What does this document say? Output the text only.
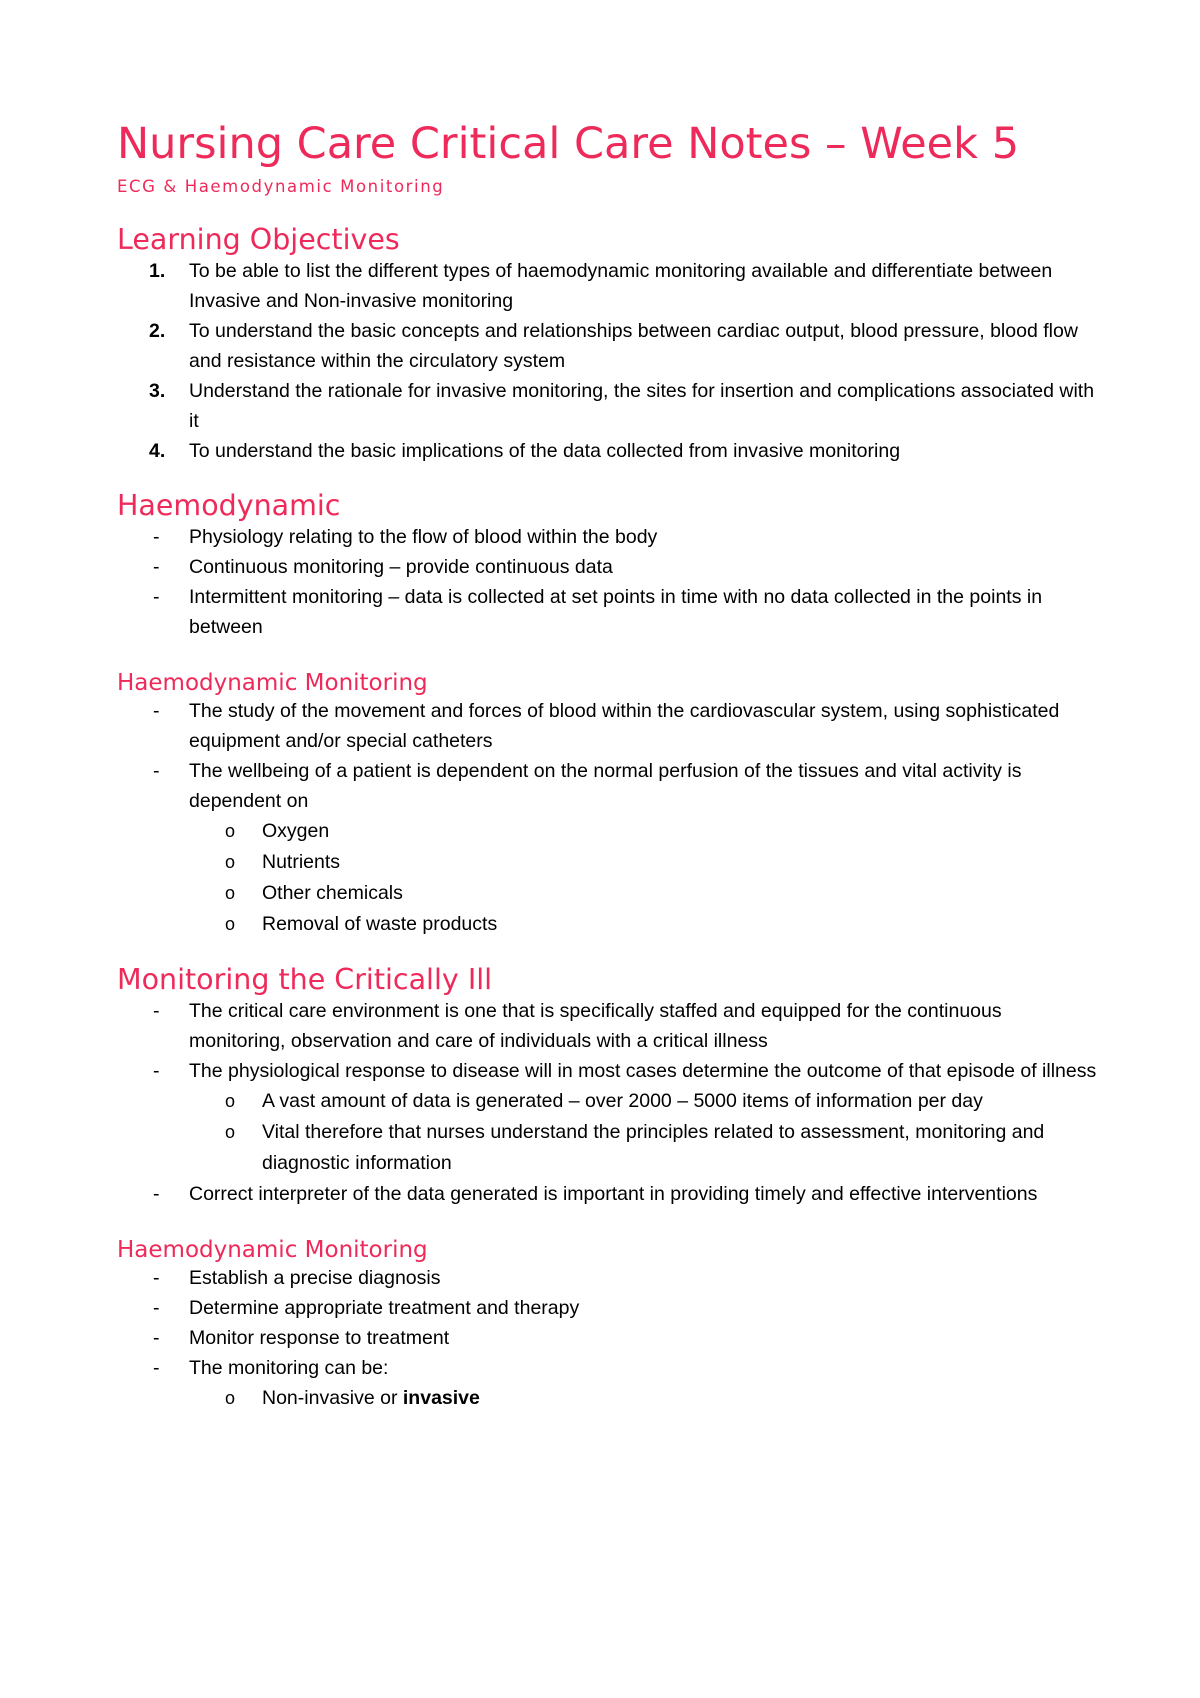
Nursing Care Critical Care Notes – Week 5
ECG & Haemodynamic Monitoring
Learning Objectives
1. To be able to list the different types of haemodynamic monitoring available and differentiate between Invasive and Non-invasive monitoring
2. To understand the basic concepts and relationships between cardiac output, blood pressure, blood flow and resistance within the circulatory system
3. Understand the rationale for invasive monitoring, the sites for insertion and complications associated with it
4. To understand the basic implications of the data collected from invasive monitoring
Haemodynamic
- Physiology relating to the flow of blood within the body
- Continuous monitoring – provide continuous data
- Intermittent monitoring – data is collected at set points in time with no data collected in the points in between
Haemodynamic Monitoring
- The study of the movement and forces of blood within the cardiovascular system, using sophisticated equipment and/or special catheters
- The wellbeing of a patient is dependent on the normal perfusion of the tissues and vital activity is dependent on
o Oxygen
o Nutrients
o Other chemicals
o Removal of waste products
Monitoring the Critically Ill
- The critical care environment is one that is specifically staffed and equipped for the continuous monitoring, observation and care of individuals with a critical illness
- The physiological response to disease will in most cases determine the outcome of that episode of illness
o A vast amount of data is generated – over 2000 – 5000 items of information per day
o Vital therefore that nurses understand the principles related to assessment, monitoring and diagnostic information
- Correct interpreter of the data generated is important in providing timely and effective interventions
Haemodynamic Monitoring
- Establish a precise diagnosis
- Determine appropriate treatment and therapy
- Monitor response to treatment
- The monitoring can be:
o Non-invasive or invasive
